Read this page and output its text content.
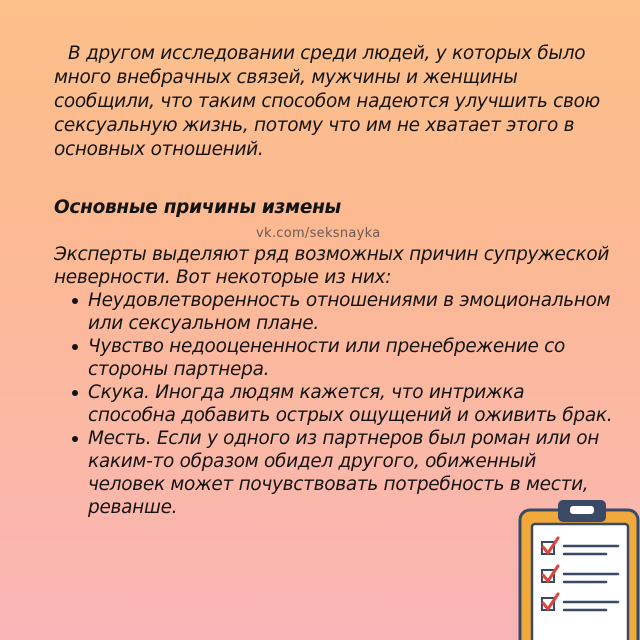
В другом исследовании среди людей, у которых было много внебрачных связей, мужчины и женщины сообщили, что таким способом надеются улучшить свою сексуальную жизнь, потому что им не хватает этого в основных отношений.

Основные причины измены
vk.com/seksnayka

Эксперты выделяют ряд возможных причин супружеской неверности. Вот некоторые из них:

Неудовлетворенность отношениями в эмоциональном или сексуальном плане.
Чувство недооцененности или пренебрежение со стороны партнера.
Скука. Иногда людям кажется, что интрижка способна добавить острых ощущений и оживить брак.
Месть. Если у одного из партнеров был роман или он каким-то образом обидел другого, обиженный человек может почувствовать потребность в мести, реванше.
